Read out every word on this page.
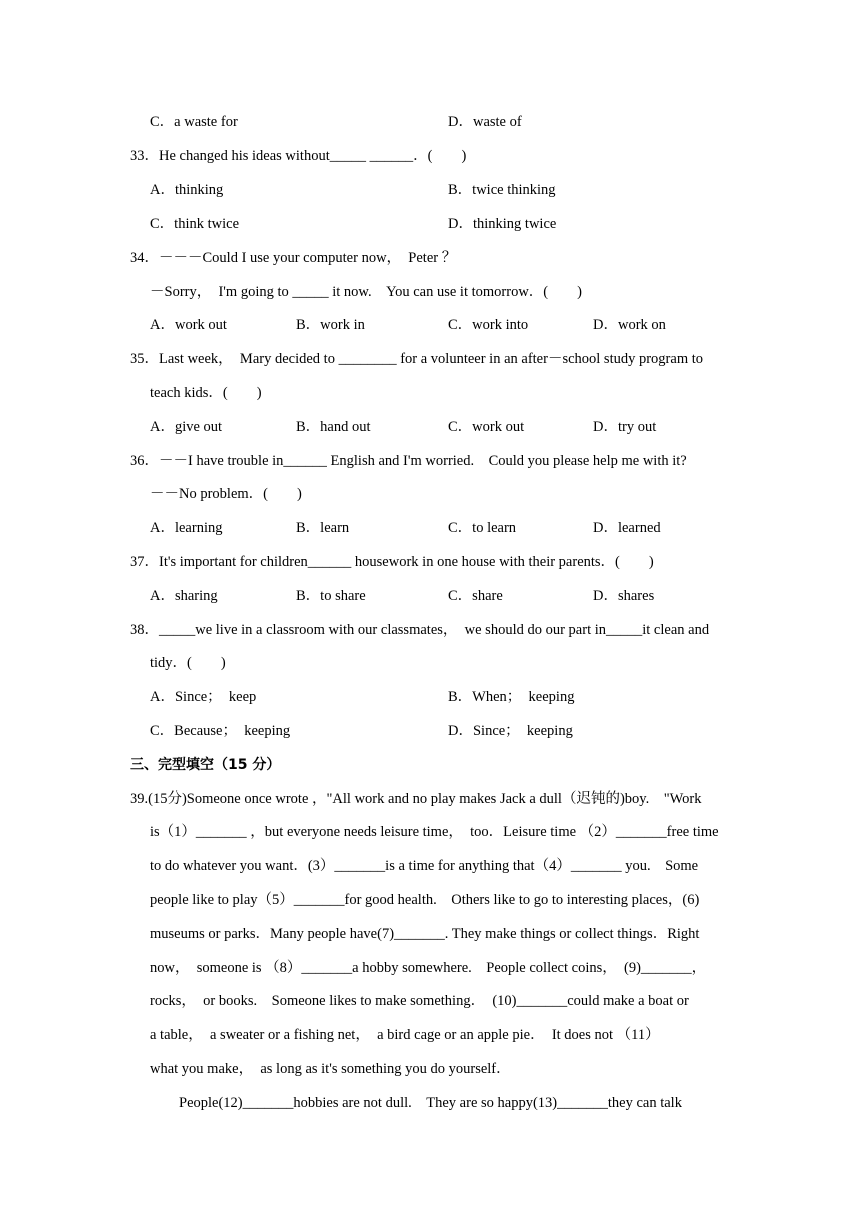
C．a waste for	D．waste of
33．He changed his ideas without_____ ______．(　　)
A．thinking	B．twice thinking
C．think twice	D．thinking twice
34．－－－Could I use your computer now，　Peter ？
－Sorry，　I'm going to _____ it now.　You can use it tomorrow．(　　)
A．work out	B．work in	C．work into	D．work on
35．Last week，　Mary decided to ________ for a volunteer in an after－school study program to
teach kids．(　　)
A．give out	B．hand out	C．work out	D．try out
36．－－I have trouble in______ English and I'm worried.　Could you please help me with it?
－－No problem．(　　)
A．learning	B．learn	C．to learn	D．learned
37．It's important for children______ housework in one house with their parents．(　　)
A．sharing	B．to share	C．share	D．shares
38．_____we live in a classroom with our classmates，　we should do our part in_____it clean and
tidy．(　　)
A．Since；　keep	B．When；　keeping
C．Because；　keeping	D．Since；　keeping
三、完型填空（15 分）
39.(15分)Someone once wrote ，"All work and no play makes Jack a dull（迟钝的)boy.　"Work
is（1）_______ ，but everyone needs leisure time，　too．Leisure time （2）_______free time
to do whatever you want．(3）_______is a time for anything that（4）_______ you.　Some
people like to play（5）_______for good health.　Others like to go to interesting places，(6)
museums or parks．Many people have(7)_______. They make things or collect things．Right
now，　someone is （8）_______a hobby somewhere.　People collect coins，　(9)_______，
rocks，　or books.　Someone likes to make something．　(10)_______could make a boat or
a table，　a sweater or a fishing net，　a bird cage or an apple pie．　It does not （11）
what you make，　as long as it's something you do yourself．
　　People(12)_______hobbies are not dull.　They are so happy(13)_______they can talk
